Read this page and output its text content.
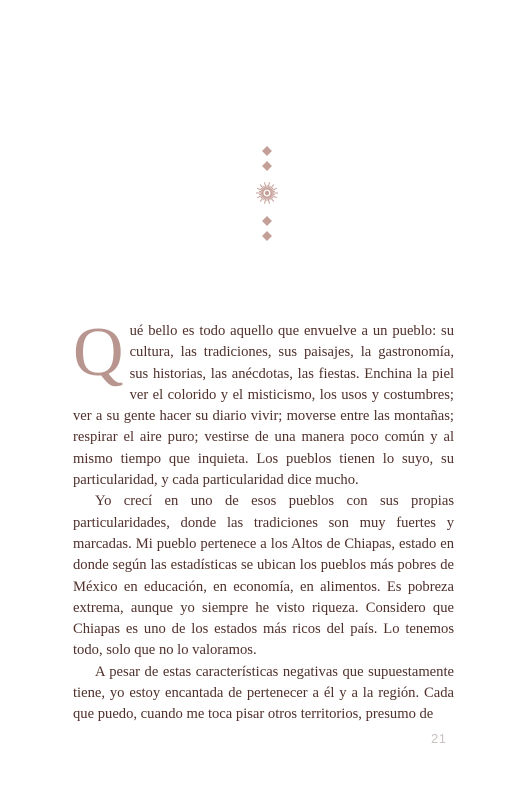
Qué bello es todo aquello que envuelve a un pueblo: su cultura, las tradiciones, sus paisajes, la gastronomía, sus historias, las anécdotas, las fiestas. Enchina la piel ver el colorido y el misticismo, los usos y costumbres; ver a su gente hacer su diario vivir; moverse entre las montañas; respirar el aire puro; vestirse de una manera poco común y al mismo tiempo que inquieta. Los pueblos tienen lo suyo, su particularidad, y cada particularidad dice mucho.

Yo crecí en uno de esos pueblos con sus propias particularidades, donde las tradiciones son muy fuertes y marcadas. Mi pueblo pertenece a los Altos de Chiapas, estado en donde según las estadísticas se ubican los pueblos más pobres de México en educación, en economía, en alimentos. Es pobreza extrema, aunque yo siempre he visto riqueza. Considero que Chiapas es uno de los estados más ricos del país. Lo tenemos todo, solo que no lo valoramos.

A pesar de estas características negativas que supuestamente tiene, yo estoy encantada de pertenecer a él y a la región. Cada que puedo, cuando me toca pisar otros territorios, presumo de

21
